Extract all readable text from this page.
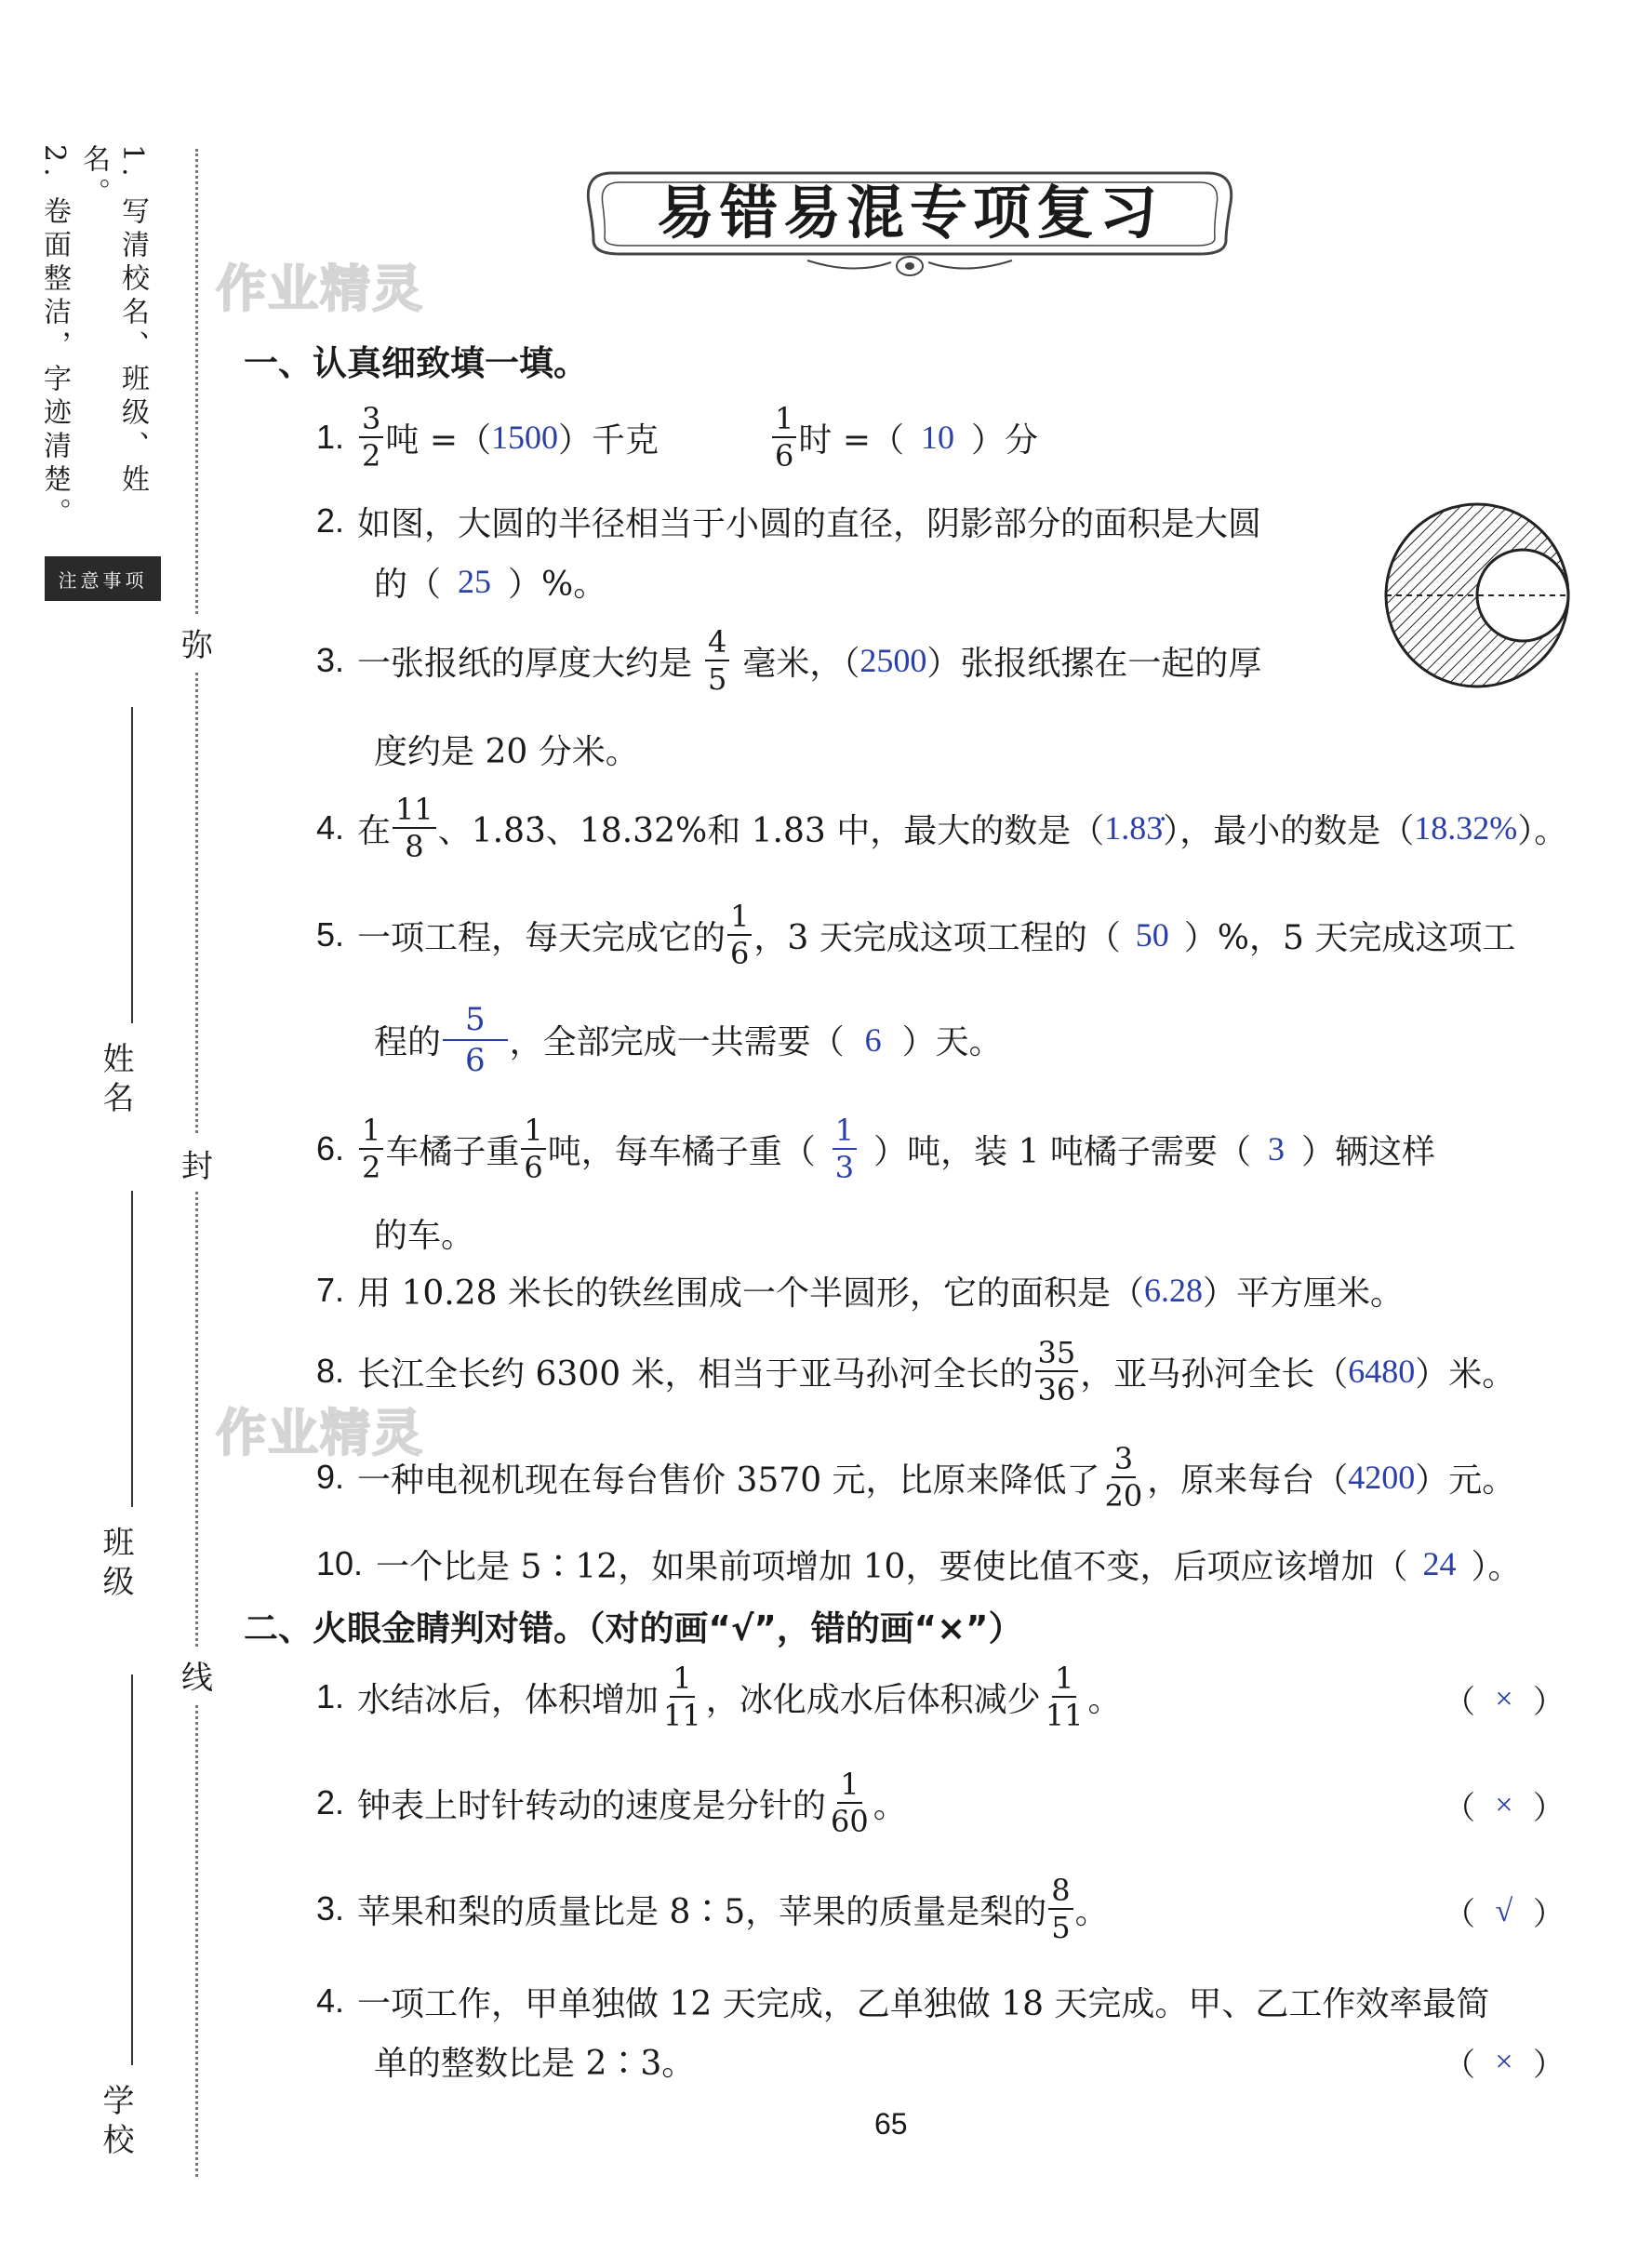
1. 写清校名、班级、姓名。
2. 卷面整洁，字迹清楚。
注意事项
姓名
班级
学校
弥
封
线
作业精灵
作业精灵
易错易混专项复习
一、认真细致填一填。
1. $\frac{3}{2}$ 吨 =（ 1500 ）千克	$\frac{1}{6}$ 时 =（ 10 ）分
2. 如图，大圆的半径相当于小圆的直径，阴影部分的面积是大圆
的（ 25 ）%。
3. 一张报纸的厚度大约是 $\frac{4}{5}$ 毫米，（ 2500 ）张报纸摞在一起的厚
度约是 20 分米。
4. 在 $\frac{11}{8}$ 、1.83̇、18.32%和 1.83 中，最大的数是（ 1.83̇ ），最小的数是（ 18.32% ）。
5. 一项工程，每天完成它的 $\frac{1}{6}$ ，3 天完成这项工程的（ 50 ）%，5 天完成这项工
程的 $\frac{5}{6}$ ，全部完成一共需要（ 6 ）天。
6. $\frac{1}{2}$ 车橘子重 $\frac{1}{6}$ 吨，每车橘子重（ $\frac{1}{3}$ ）吨，装 1 吨橘子需要（ 3 ）辆这样
的车。
7. 用 10.28 米长的铁丝围成一个半圆形，它的面积是（ 6.28 ）平方厘米。
8. 长江全长约 6300 米，相当于亚马孙河全长的 $\frac{35}{36}$ ，亚马孙河全长（ 6480 ）米。
9. 一种电视机现在每台售价 3570 元，比原来降低了 $\frac{3}{20}$ ，原来每台（ 4200 ）元。
10. 一个比是 5∶12，如果前项增加 10，要使比值不变，后项应该增加（ 24 ）。
二、火眼金睛判对错。（对的画“√”，错的画“×”）
1. 水结冰后，体积增加 $\frac{1}{11}$ ，冰化成水后体积减少 $\frac{1}{11}$ 。	（ × ）
2. 钟表上时针转动的速度是分针的 $\frac{1}{60}$ 。	（ × ）
3. 苹果和梨的质量比是 8∶5，苹果的质量是梨的 $\frac{8}{5}$ 。	（ √ ）
4. 一项工作，甲单独做 12 天完成，乙单独做 18 天完成。甲、乙工作效率最简
单的整数比是 2∶3。	（ × ）
65
